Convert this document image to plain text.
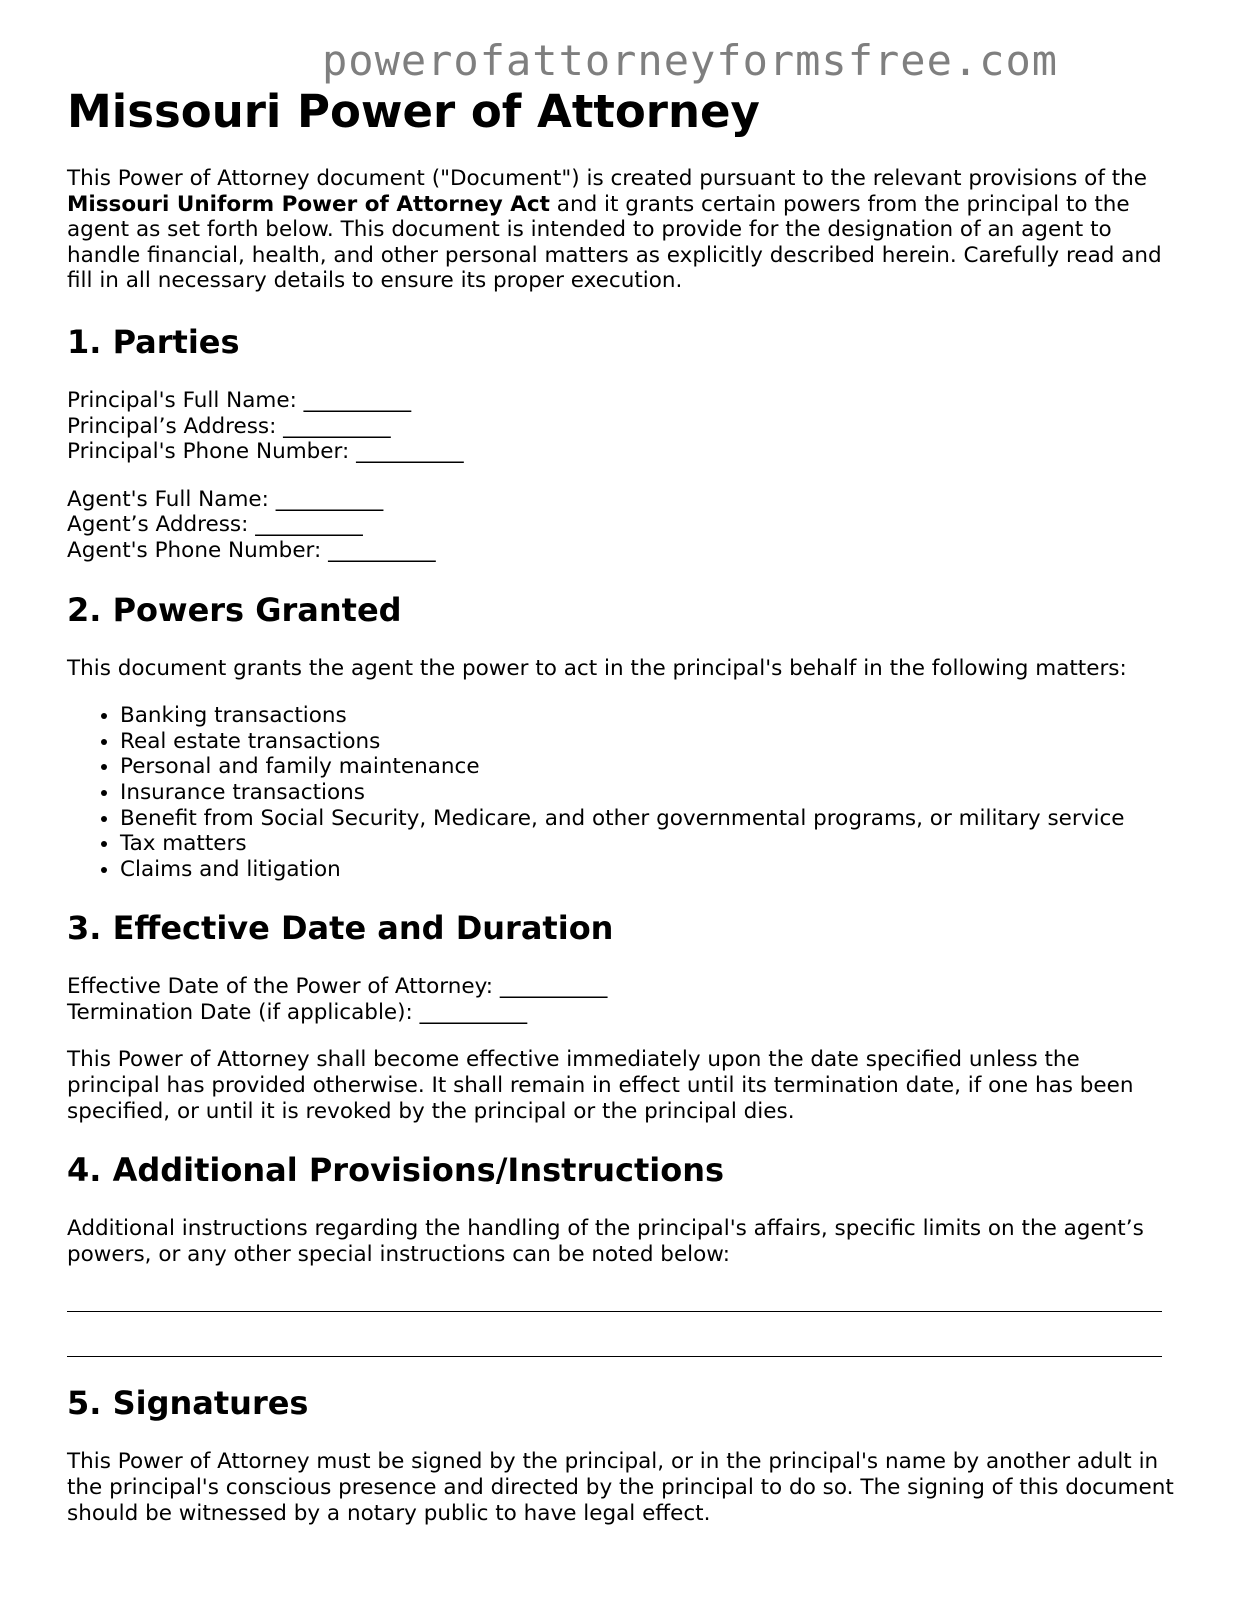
powerofattorneyformsfree.com
Missouri Power of Attorney

This Power of Attorney document ("Document") is created pursuant to the relevant provisions of the Missouri Uniform Power of Attorney Act and it grants certain powers from the principal to the agent as set forth below. This document is intended to provide for the designation of an agent to handle financial, health, and other personal matters as explicitly described herein. Carefully read and fill in all necessary details to ensure its proper execution.

1. Parties
Principal's Full Name: __________
Principal’s Address: __________
Principal's Phone Number: __________
Agent's Full Name: __________
Agent’s Address: __________
Agent's Phone Number: __________
2. Powers Granted

This document grants the agent the power to act in the principal's behalf in the following matters:

• Banking transactions
• Real estate transactions
• Personal and family maintenance
• Insurance transactions
• Benefit from Social Security, Medicare, and other governmental programs, or military service
• Tax matters
• Claims and litigation
3. Effective Date and Duration
Effective Date of the Power of Attorney: __________
Termination Date (if applicable): __________

This Power of Attorney shall become effective immediately upon the date specified unless the principal has provided otherwise. It shall remain in effect until its termination date, if one has been specified, or until it is revoked by the principal or the principal dies.

4. Additional Provisions/Instructions

Additional instructions regarding the handling of the principal's affairs, specific limits on the agent’s powers, or any other special instructions can be noted below:

5. Signatures

This Power of Attorney must be signed by the principal, or in the principal's name by another adult in the principal's conscious presence and directed by the principal to do so. The signing of this document should be witnessed by a notary public to have legal effect.
